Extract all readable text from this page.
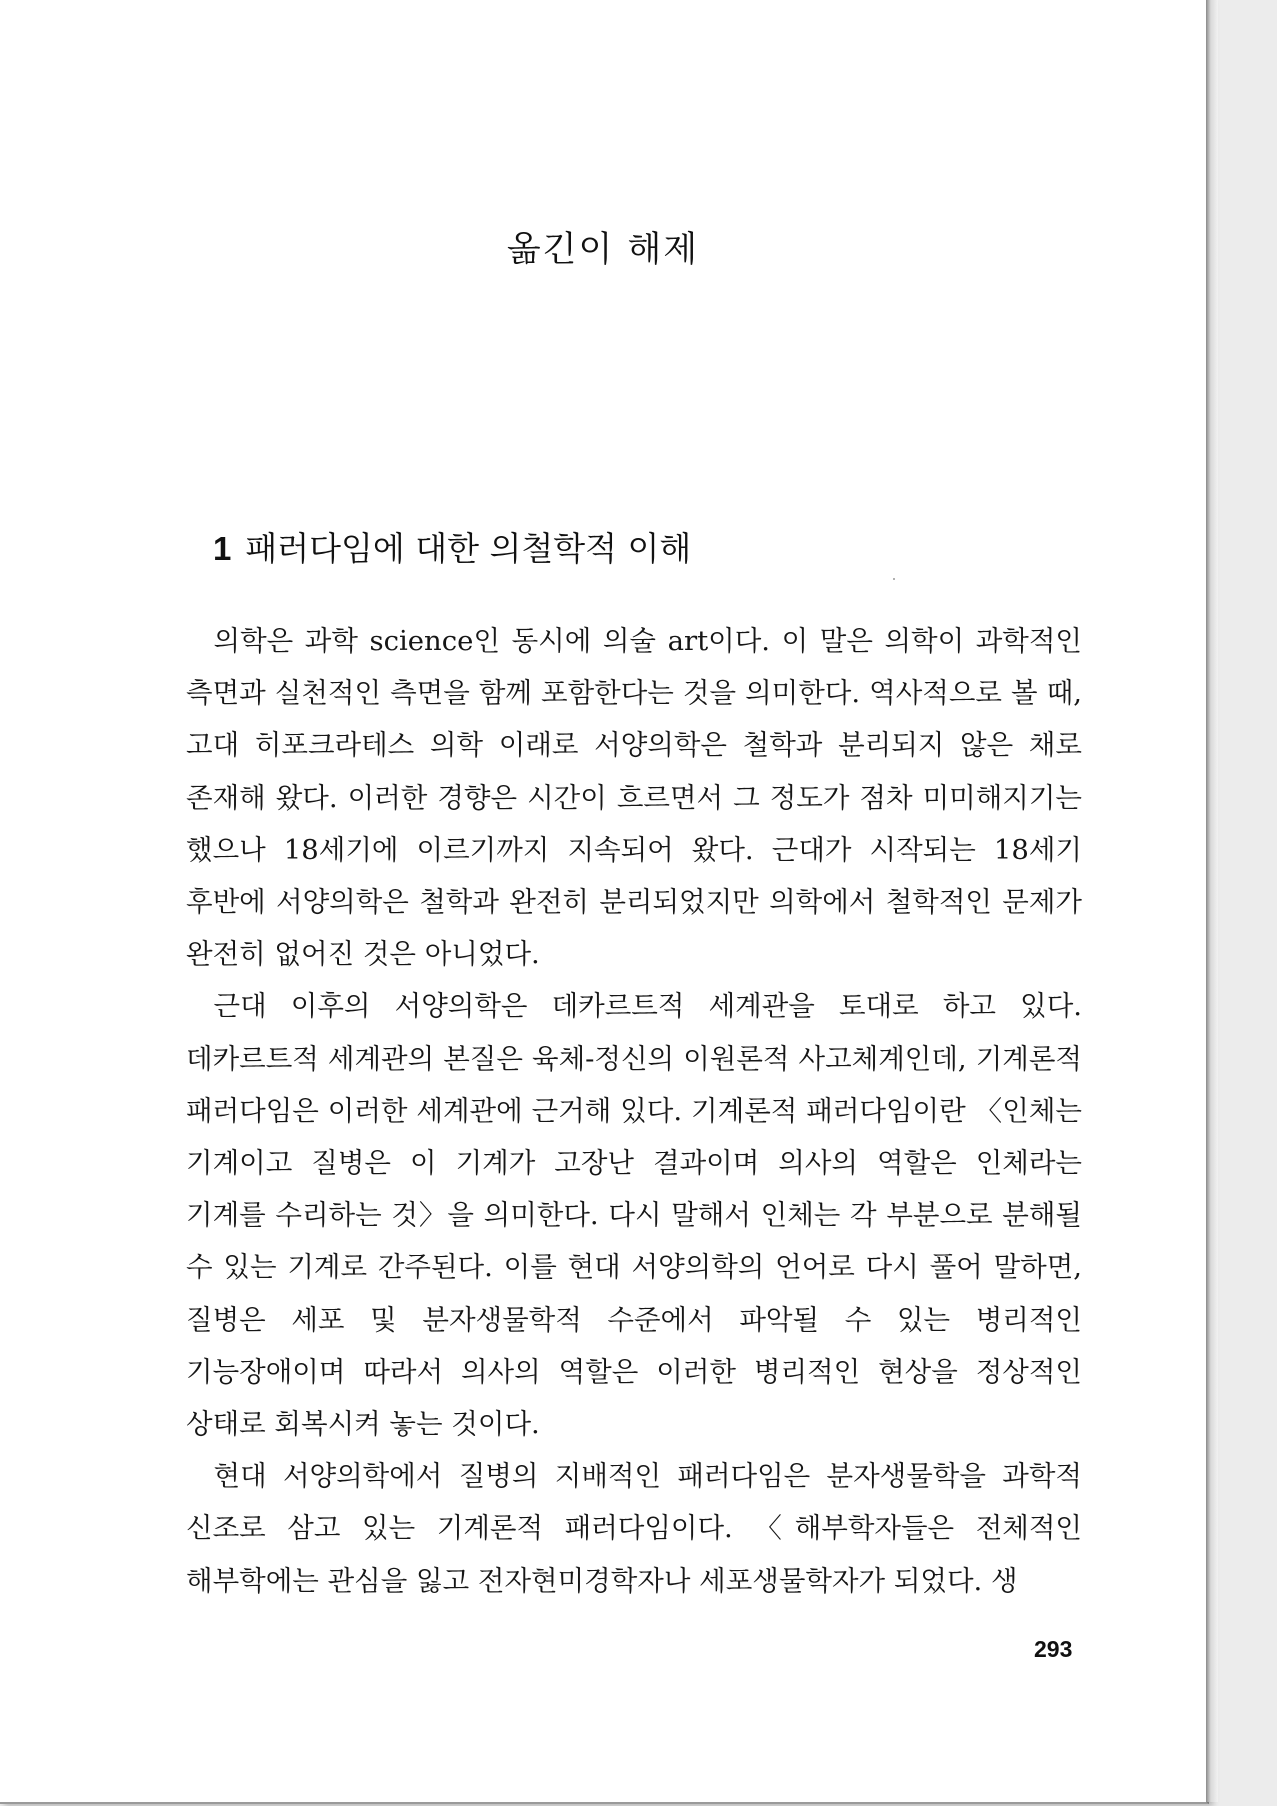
옮긴이 해제
1 패러다임에 대한 의철학적 이해

의학은 과학 science인 동시에 의술 art이다. 이 말은 의학이 과학적인 측면과 실천적인 측면을 함께 포함한다는 것을 의미한다. 역사적으로 볼 때, 고대 히포크라테스 의학 이래로 서양의학은 철학과 분리되지 않은 채로 존재해 왔다. 이러한 경향은 시간이 흐르면서 그 정도가 점차 미미해지기는 했으나 18세기에 이르기까지 지속되어 왔다. 근대가 시작되는 18세기 후반에 서양의학은 철학과 완전히 분리되었지만 의학에서 철학적인 문제가 완전히 없어진 것은 아니었다.

근대 이후의 서양의학은 데카르트적 세계관을 토대로 하고 있다. 데카르트적 세계관의 본질은 육체-정신의 이원론적 사고체계인데, 기계론적 패러다임은 이러한 세계관에 근거해 있다. 기계론적 패러다임이란 〈인체는 기계이고 질병은 이 기계가 고장난 결과이며 의사의 역할은 인체라는 기계를 수리하는 것〉을 의미한다. 다시 말해서 인체는 각 부분으로 분해될 수 있는 기계로 간주된다. 이를 현대 서양의학의 언어로 다시 풀어 말하면, 질병은 세포 및 분자생물학적 수준에서 파악될 수 있는 병리적인 기능장애이며 따라서 의사의 역할은 이러한 병리적인 현상을 정상적인 상태로 회복시켜 놓는 것이다.

현대 서양의학에서 질병의 지배적인 패러다임은 분자생물학을 과학적 신조로 삼고 있는 기계론적 패러다임이다. 〈해부학자들은 전체적인 해부학에는 관심을 잃고 전자현미경학자나 세포생물학자가 되었다. 생

293
